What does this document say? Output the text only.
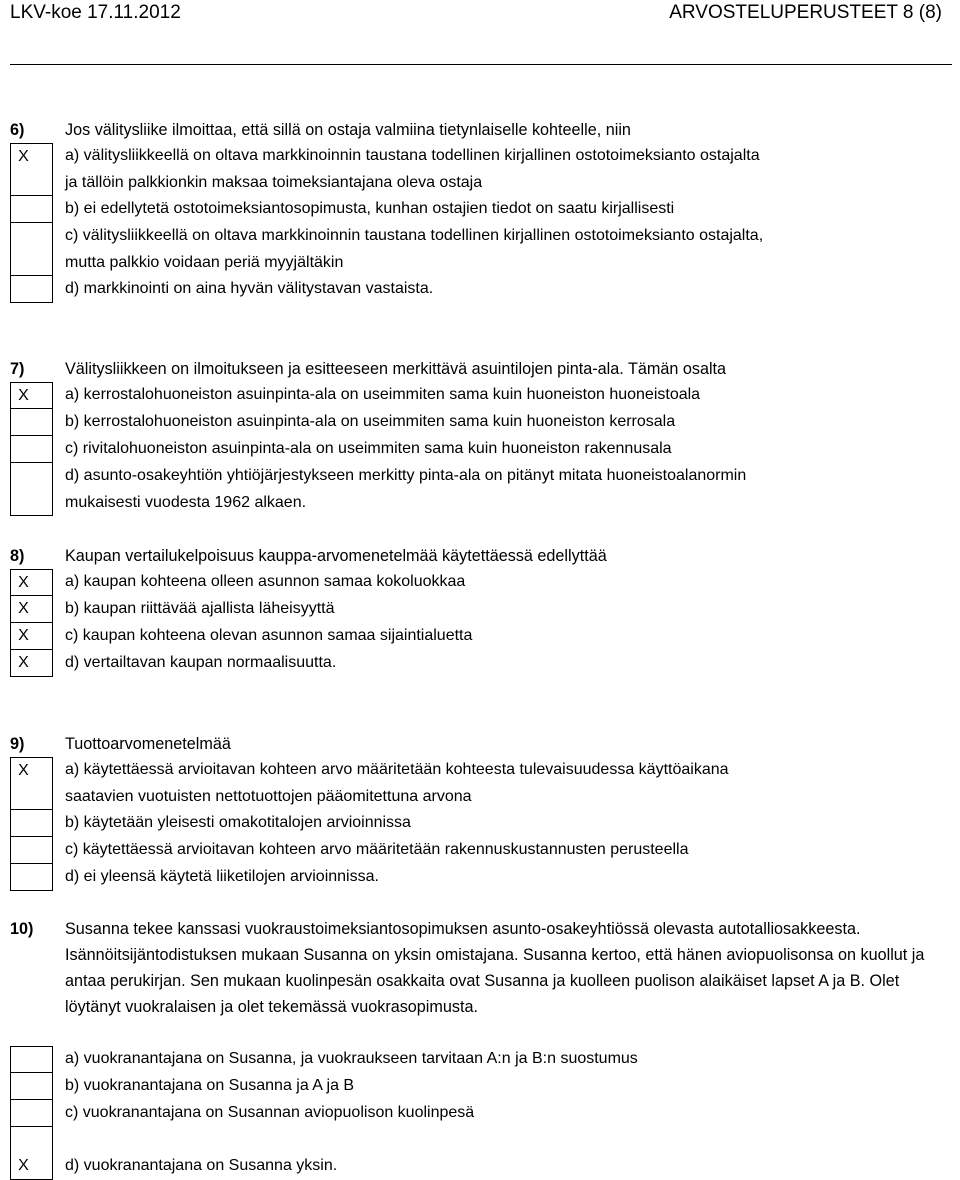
LKV-koe 17.11.2012	ARVOSTELUPERUSTEET 8 (8)
6)	Jos välitysliike ilmoittaa, että sillä on ostaja valmiina tietynlaiselle kohteelle, niin
X	a) välitysliikkeellä on oltava markkinoinnin taustana todellinen kirjallinen ostotoimeksianto ostajalta
ja tällöin palkkionkin maksaa toimeksiantajana oleva ostaja
b) ei edellytetä ostotoimeksiantosopimusta, kunhan ostajien tiedot on saatu kirjallisesti
c) välitysliikkeellä on oltava markkinoinnin taustana todellinen kirjallinen ostotoimeksianto ostajalta,
mutta palkkio voidaan periä myyjältäkin
d) markkinointi on aina hyvän välitystavan vastaista.
7)	Välitysliikkeen on ilmoitukseen ja esitteeseen merkittävä asuintilojen pinta-ala. Tämän osalta
X	a) kerrostalohuoneiston asuinpinta-ala on useimmiten sama kuin huoneiston huoneistoala
b) kerrostalohuoneiston asuinpinta-ala on useimmiten sama kuin huoneiston kerrosala
c) rivitalohuoneiston asuinpinta-ala on useimmiten sama kuin huoneiston rakennusala
d) asunto-osakeyhtiön yhtiöjärjestykseen merkitty pinta-ala on pitänyt mitata huoneistoalanormin
mukaisesti vuodesta 1962 alkaen.
8)	Kaupan vertailukelpoisuus kauppa-arvomenetelmää käytettäessä edellyttää
X	a) kaupan kohteena olleen asunnon samaa kokoluokkaa
X	b) kaupan riittävää ajallista läheisyyttä
X	c) kaupan kohteena olevan asunnon samaa sijaintialuetta
X	d) vertailtavan kaupan normaalisuutta.
9)	Tuottoarvomenetelmää
X	a) käytettäessä arvioitavan kohteen arvo määritetään kohteesta tulevaisuudessa käyttöaikana
saatavien vuotuisten nettotuottojen pääomitettuna arvona
b) käytetään yleisesti omakotitalojen arvioinnissa
c) käytettäessä arvioitavan kohteen arvo määritetään rakennuskustannusten perusteella
d) ei yleensä käytetä liiketilojen arvioinnissa.
10) Susanna tekee kanssasi vuokraustoimeksiantosopimuksen asunto-osakeyhtiössä olevasta autotalliosakkeesta. Isännöitsijäntodistuksen mukaan Susanna on yksin omistajana. Susanna kertoo, että hänen aviopuolisonsa on kuollut ja antaa perukirjan. Sen mukaan kuolinpesän osakkaita ovat Susanna ja kuolleen puolison alaikäiset lapset A ja B. Olet löytänyt vuokralaisen ja olet tekemässä vuokrasopimusta.
a) vuokranantajana on Susanna, ja vuokraukseen tarvitaan A:n ja B:n suostumus
b) vuokranantajana on Susanna ja A ja B
c) vuokranantajana on Susannan aviopuolison kuolinpesä
X	d) vuokranantajana on Susanna yksin.
